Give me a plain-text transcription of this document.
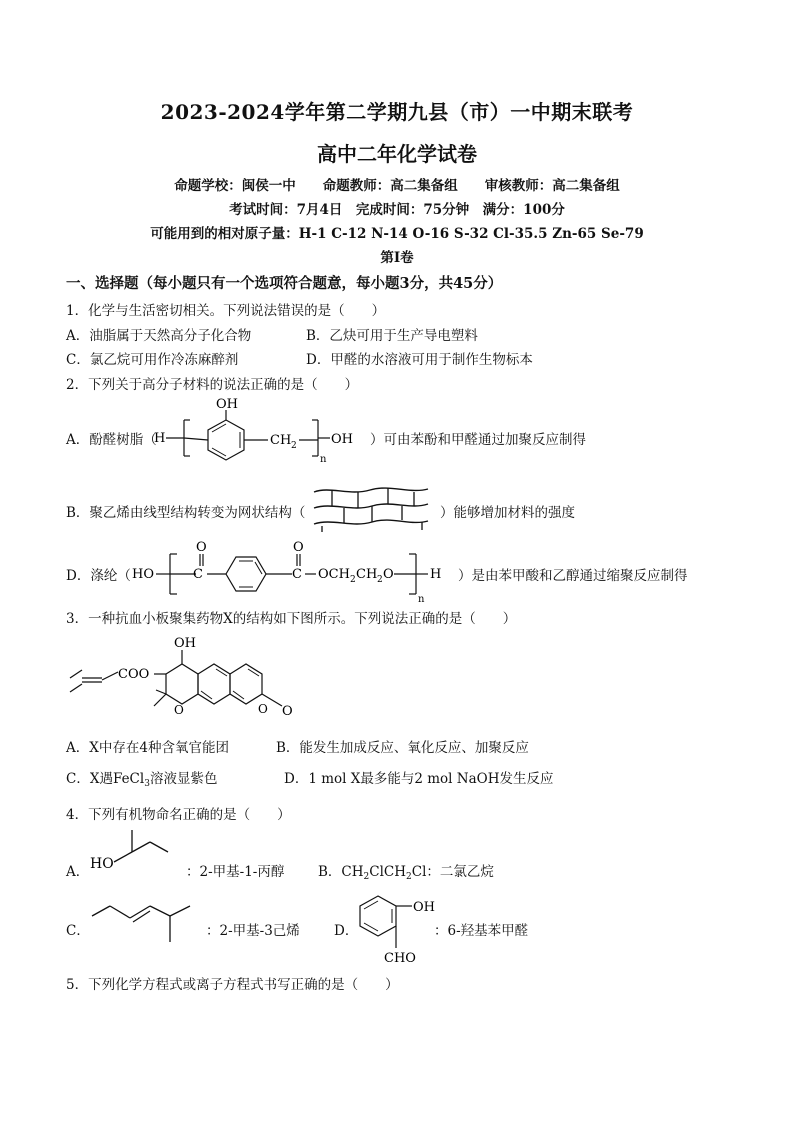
2023-2024学年第二学期九县（市）一中期末联考
高中二年化学试卷
命题学校：闽侯一中　　命题教师：高二集备组　　审核教师：高二集备组
考试时间：7月4日　完成时间：75分钟　满分：100分
可能用到的相对原子量：H-1 C-12 N-14 O-16 S-32 Cl-35.5 Zn-65 Se-79
第Ⅰ卷
一、选择题（每小题只有一个选项符合题意，每小题3分，共45分）
1．化学与生活密切相关。下列说法错误的是（　　）
A．油脂属于天然高分子化合物	B．乙炔可用于生产导电塑料
C．氯乙烷可用作冷冻麻醉剂	D．甲醛的水溶液可用于制作生物标本
2．下列关于高分子材料的说法正确的是（　　）
A．酚醛树脂（
H
OH
CH 2
n
OH ）可由苯酚和甲醛通过加聚反应制得
B．聚乙烯由线型结构转变为网状结构（	）能够增加材料的强度
D．涤纶（ HO	C
O
C
O
OCH 2 CH 2 O
n
H ）是由苯甲酸和乙醇通过缩聚反应制得
3．一种抗血小板聚集药物X的结构如下图所示。下列说法正确的是（　　）
COO
OH
O	O O
A．X中存在4种含氧官能团	B．能发生加成反应、氧化反应、加聚反应
C．X遇FeCl$_3$溶液显紫色	D．1 mol X最多能与2 mol NaOH发生反应
4．下列有机物命名正确的是（　　）
A． HO	：2-甲基-1-丙醇 B．$CH_2ClCH_2Cl$：二氯乙烷
C．	：2-甲基-3己烯	D．
OH
CHO
：6-羟基苯甲醛
5．下列化学方程式或离子方程式书写正确的是（　　）
